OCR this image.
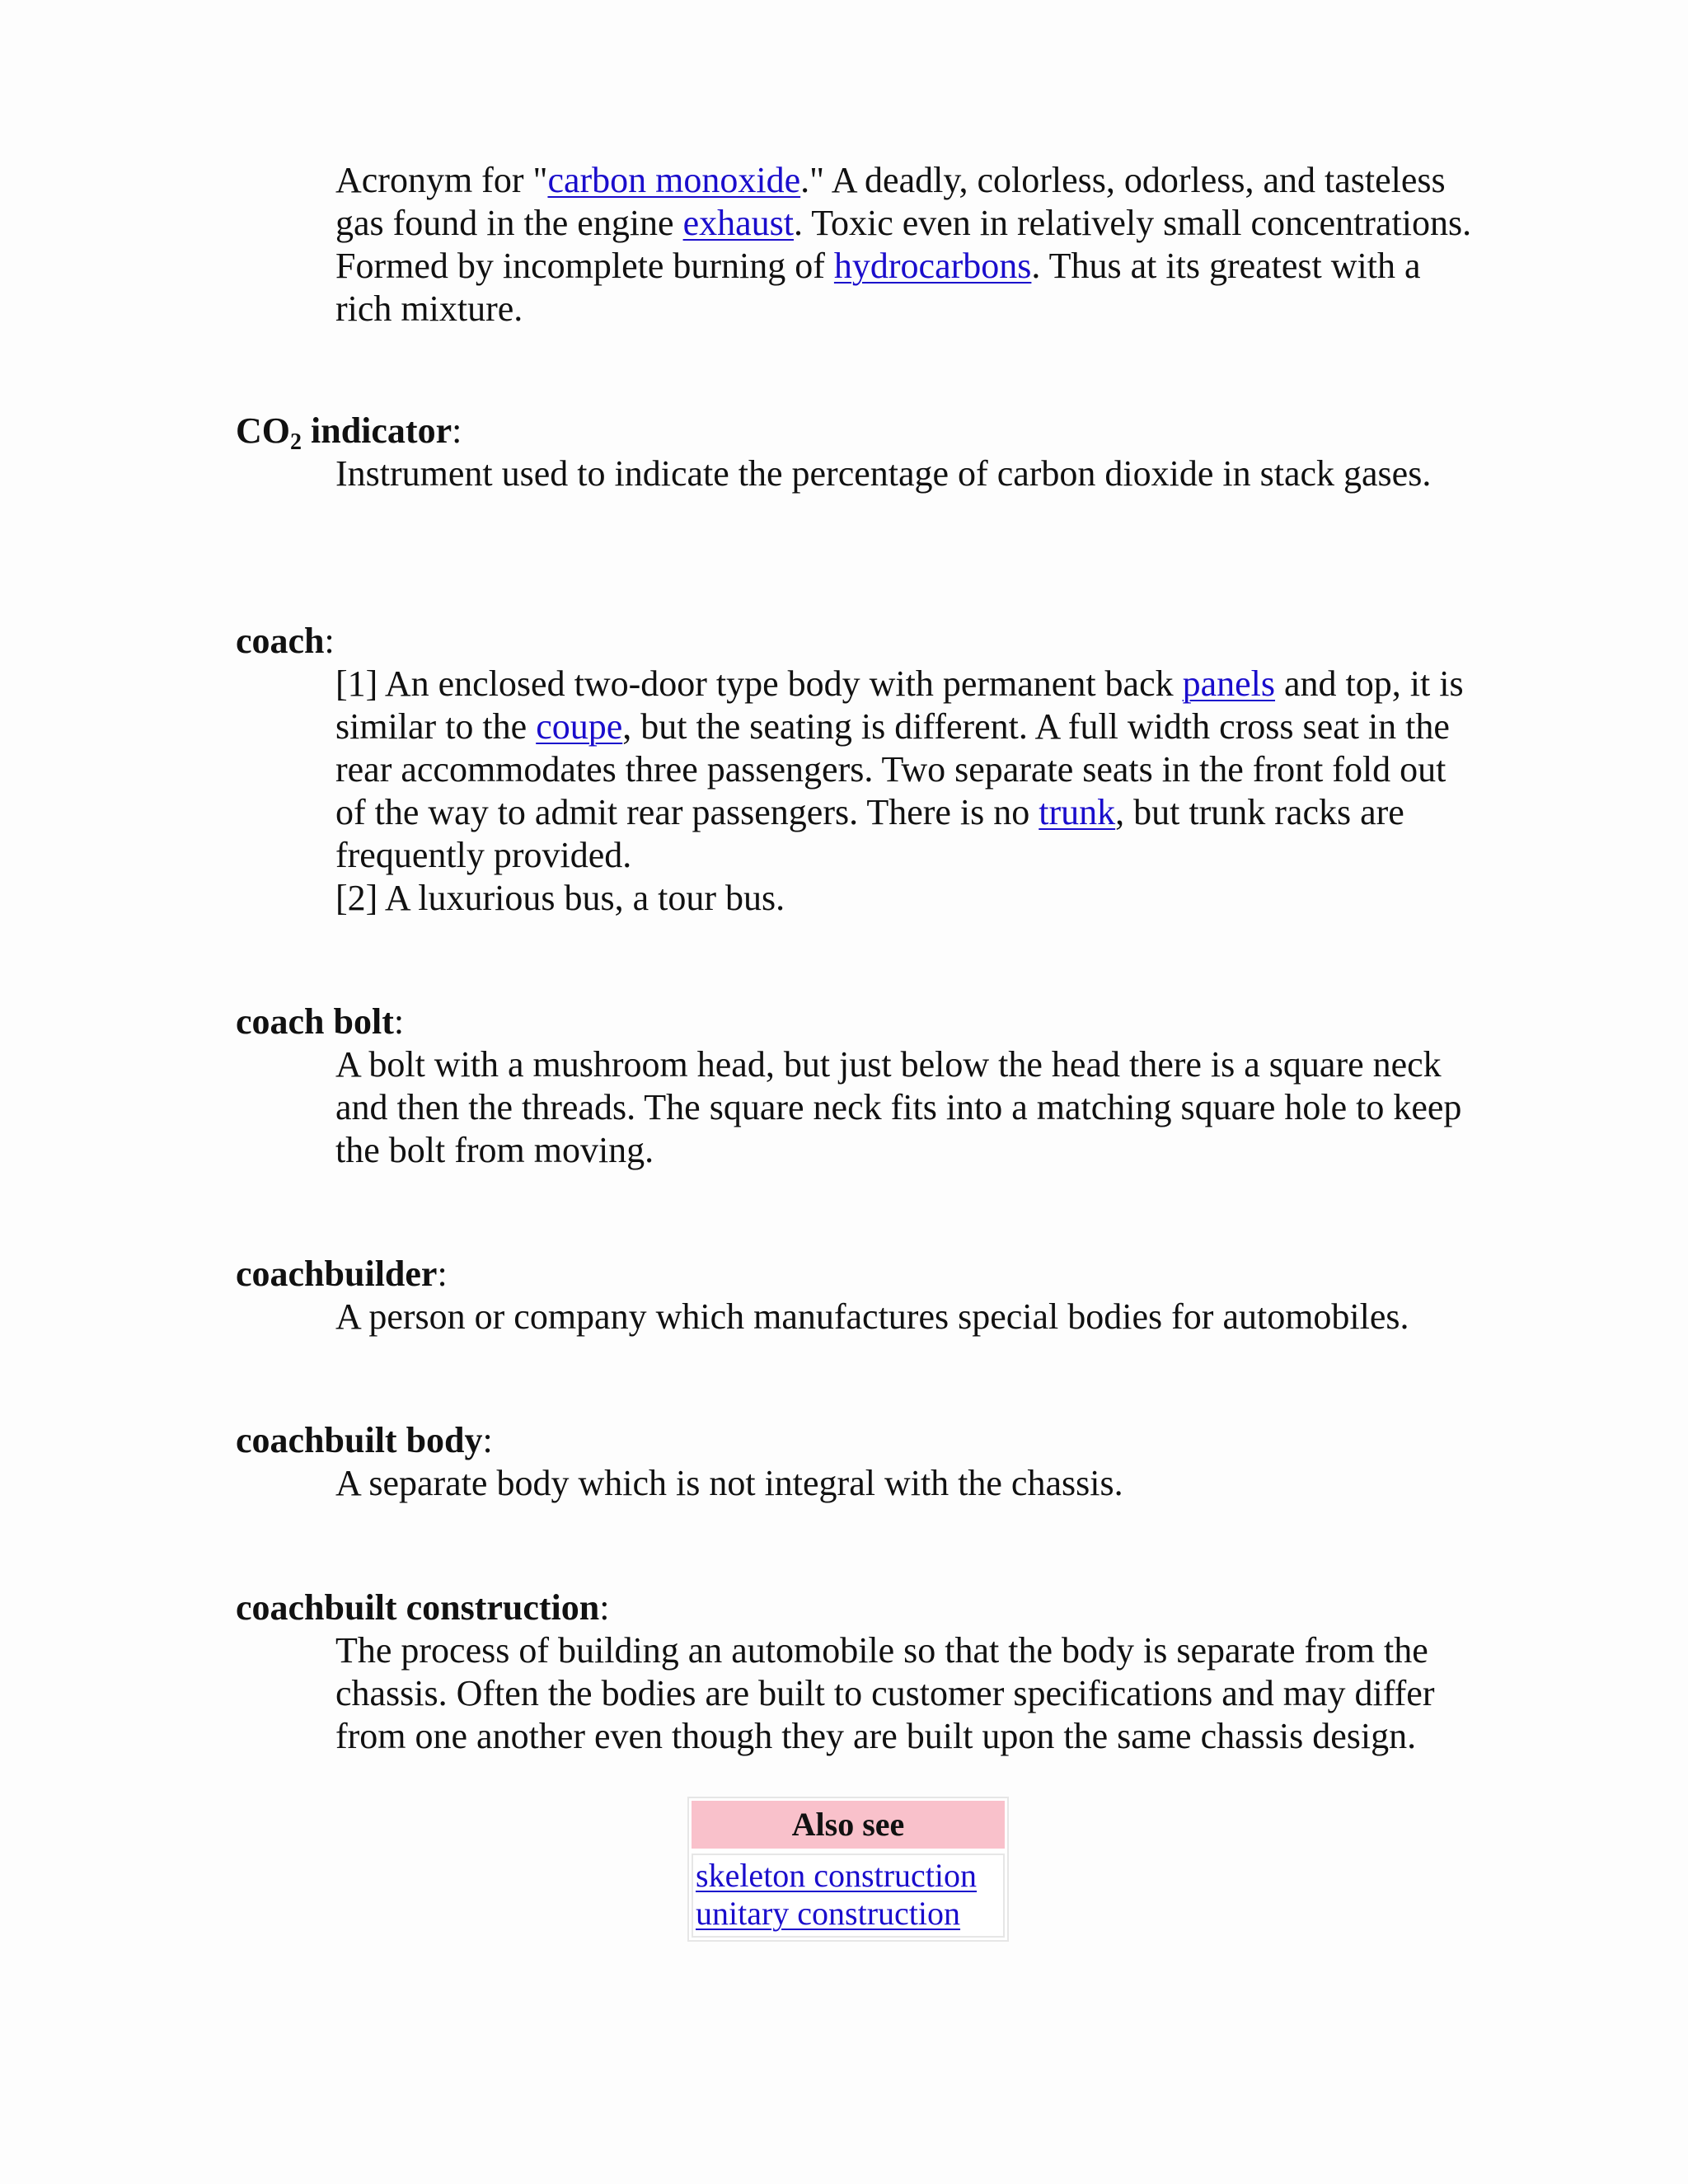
Acronym for "carbon monoxide." A deadly, colorless, odorless, and tasteless gas found in the engine exhaust. Toxic even in relatively small concentrations. Formed by incomplete burning of hydrocarbons. Thus at its greatest with a rich mixture.
CO2 indicator:
Instrument used to indicate the percentage of carbon dioxide in stack gases.
coach:
[1] An enclosed two-door type body with permanent back panels and top, it is similar to the coupe, but the seating is different. A full width cross seat in the rear accommodates three passengers. Two separate seats in the front fold out of the way to admit rear passengers. There is no trunk, but trunk racks are frequently provided.
[2] A luxurious bus, a tour bus.
coach bolt:
A bolt with a mushroom head, but just below the head there is a square neck and then the threads. The square neck fits into a matching square hole to keep the bolt from moving.
coachbuilder:
A person or company which manufactures special bodies for automobiles.
coachbuilt body:
A separate body which is not integral with the chassis.
coachbuilt construction:
The process of building an automobile so that the body is separate from the chassis. Often the bodies are built to customer specifications and may differ from one another even though they are built upon the same chassis design.
Also see
skeleton construction
unitary construction
